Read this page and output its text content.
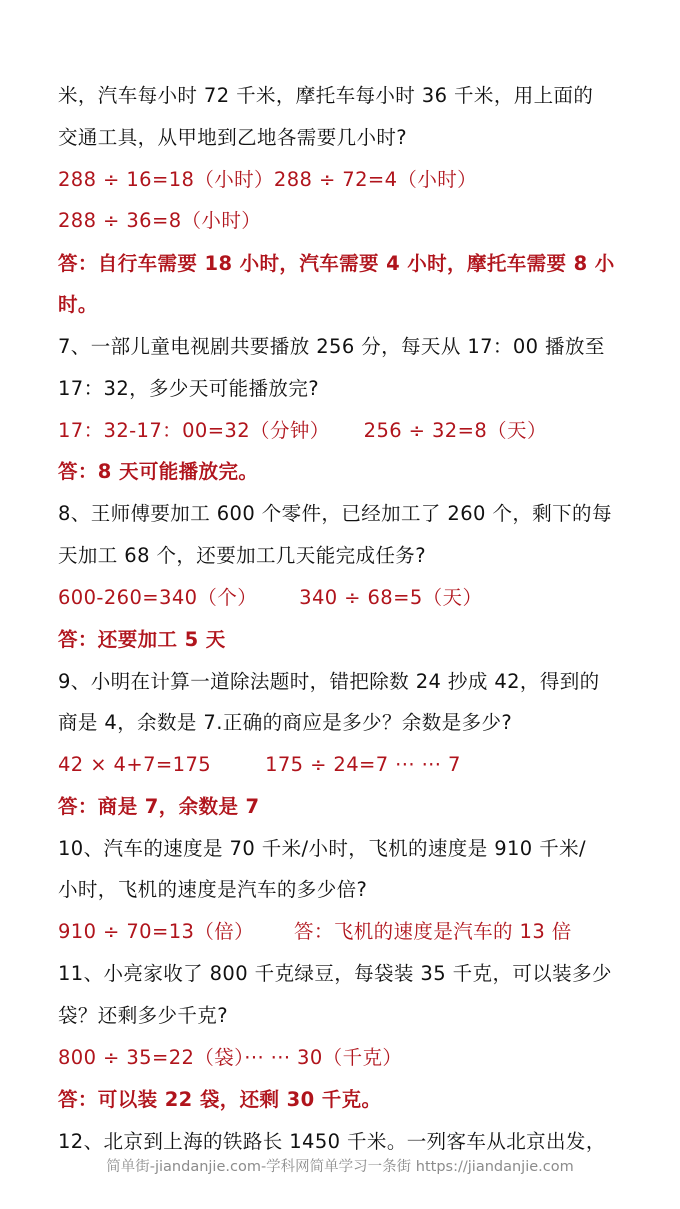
米，汽车每小时 72 千米，摩托车每小时 36 千米，用上面的
交通工具，从甲地到乙地各需要几小时?
288 ÷ 16=18（小时）288 ÷ 72=4（小时）
288 ÷ 36=8（小时）
答：自行车需要 18 小时，汽车需要 4 小时，摩托车需要 8 小
时。
7、一部儿童电视剧共要播放 256 分，每天从 17：00 播放至
17：32，多少天可能播放完?
17：32-17：00=32（分钟） 256 ÷ 32=8（天）
答：8 天可能播放完。
8、王师傅要加工 600 个零件，已经加工了 260 个，剩下的每
天加工 68 个，还要加工几天能完成任务?
600-260=340（个） 340 ÷ 68=5（天）
答：还要加工 5 天
9、小明在计算一道除法题时，错把除数 24 抄成 42，得到的
商是 4，余数是 7.正确的商应是多少？余数是多少?
42 × 4+7=175	175 ÷ 24=7 ··· ··· 7
答：商是 7，余数是 7
10、汽车的速度是 70 千米/小时，飞机的速度是 910 千米/
小时，飞机的速度是汽车的多少倍?
910 ÷ 70=13（倍） 答：飞机的速度是汽车的 13 倍
11、小亮家收了 800 千克绿豆，每袋装 35 千克，可以装多少
袋？还剩多少千克?
800 ÷ 35=22（袋）··· ··· 30（千克）
答：可以装 22 袋，还剩 30 千克。
12、北京到上海的铁路长 1450 千米。一列客车从北京出发，
简单街-jiandanjie.com-学科网简单学习一条街 https://jiandanjie.com
